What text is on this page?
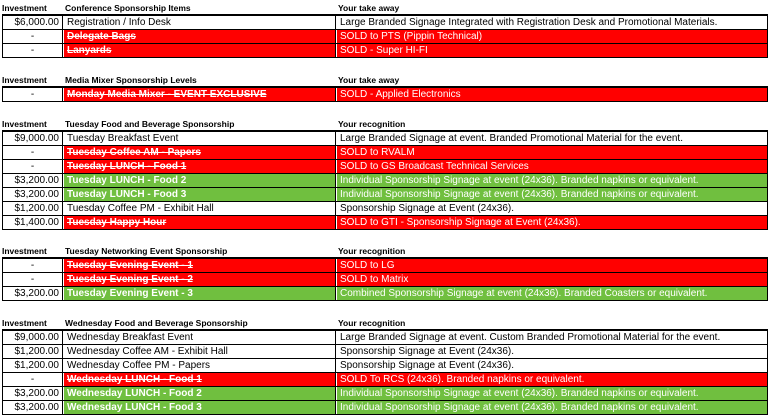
Investment	Conference Sponsorship Items	Your take away
$6,000.00 Registration / Info Desk	Large Branded Signage Integrated with Registration Desk and Promotional Materials.
-	Delegate Bags	SOLD to PTS (Pippin Technical)
-	Lanyards	SOLD - Super HI-FI
Investment	Media Mixer Sponsorship Levels	Your take away
-	Monday Media Mixer - EVENT EXCLUSIVE	SOLD - Applied Electronics
Investment	Tuesday Food and Beverage Sponsorship	Your recognition
$9,000.00 Tuesday Breakfast Event	Large Branded Signage at event. Branded Promotional Material for the event.
-	Tuesday Coffee AM - Papers	SOLD to RVALM
-	Tuesday LUNCH - Food 1	SOLD to GS Broadcast Technical Services
$3,200.00 Tuesday LUNCH - Food 2	Individual Sponsorship Signage at event (24x36). Branded napkins or equivalent.
$3,200.00 Tuesday LUNCH - Food 3	Individual Sponsorship Signage at event (24x36). Branded napkins or equivalent.
$1,200.00 Tuesday Coffee PM - Exhibit Hall	Sponsorship Signage at Event (24x36).
$1,400.00 Tuesday Happy Hour	SOLD to GTI - Sponsorship Signage at Event (24x36).
Investment	Tuesday Networking Event Sponsorship	Your recognition
-	Tuesday Evening Event - 1	SOLD to LG
-	Tuesday Evening Event - 2	SOLD to Matrix
$3,200.00 Tuesday Evening Event - 3	Combined Sponsorship Signage at event (24x36). Branded Coasters or equivalent.
Investment	Wednesday Food and Beverage Sponsorship	Your recognition
$9,000.00 Wednesday Breakfast Event	Large Branded Signage at event. Custom Branded Promotional Material for the event.
$1,200.00 Wednesday Coffee AM - Exhibit Hall	Sponsorship Signage at Event (24x36).
$1,200.00 Wednesday Coffee PM - Papers	Sponsorship Signage at Event (24x36).
-	Wednesday LUNCH - Food 1	SOLD To RCS (24x36). Branded napkins or equivalent.
$3,200.00 Wednesday LUNCH - Food 2	Individual Sponsorship Signage at event (24x36). Branded napkins or equivalent.
$3,200.00 Wednesday LUNCH - Food 3	Individual Sponsorship Signage at event (24x36). Branded napkins or equivalent.
